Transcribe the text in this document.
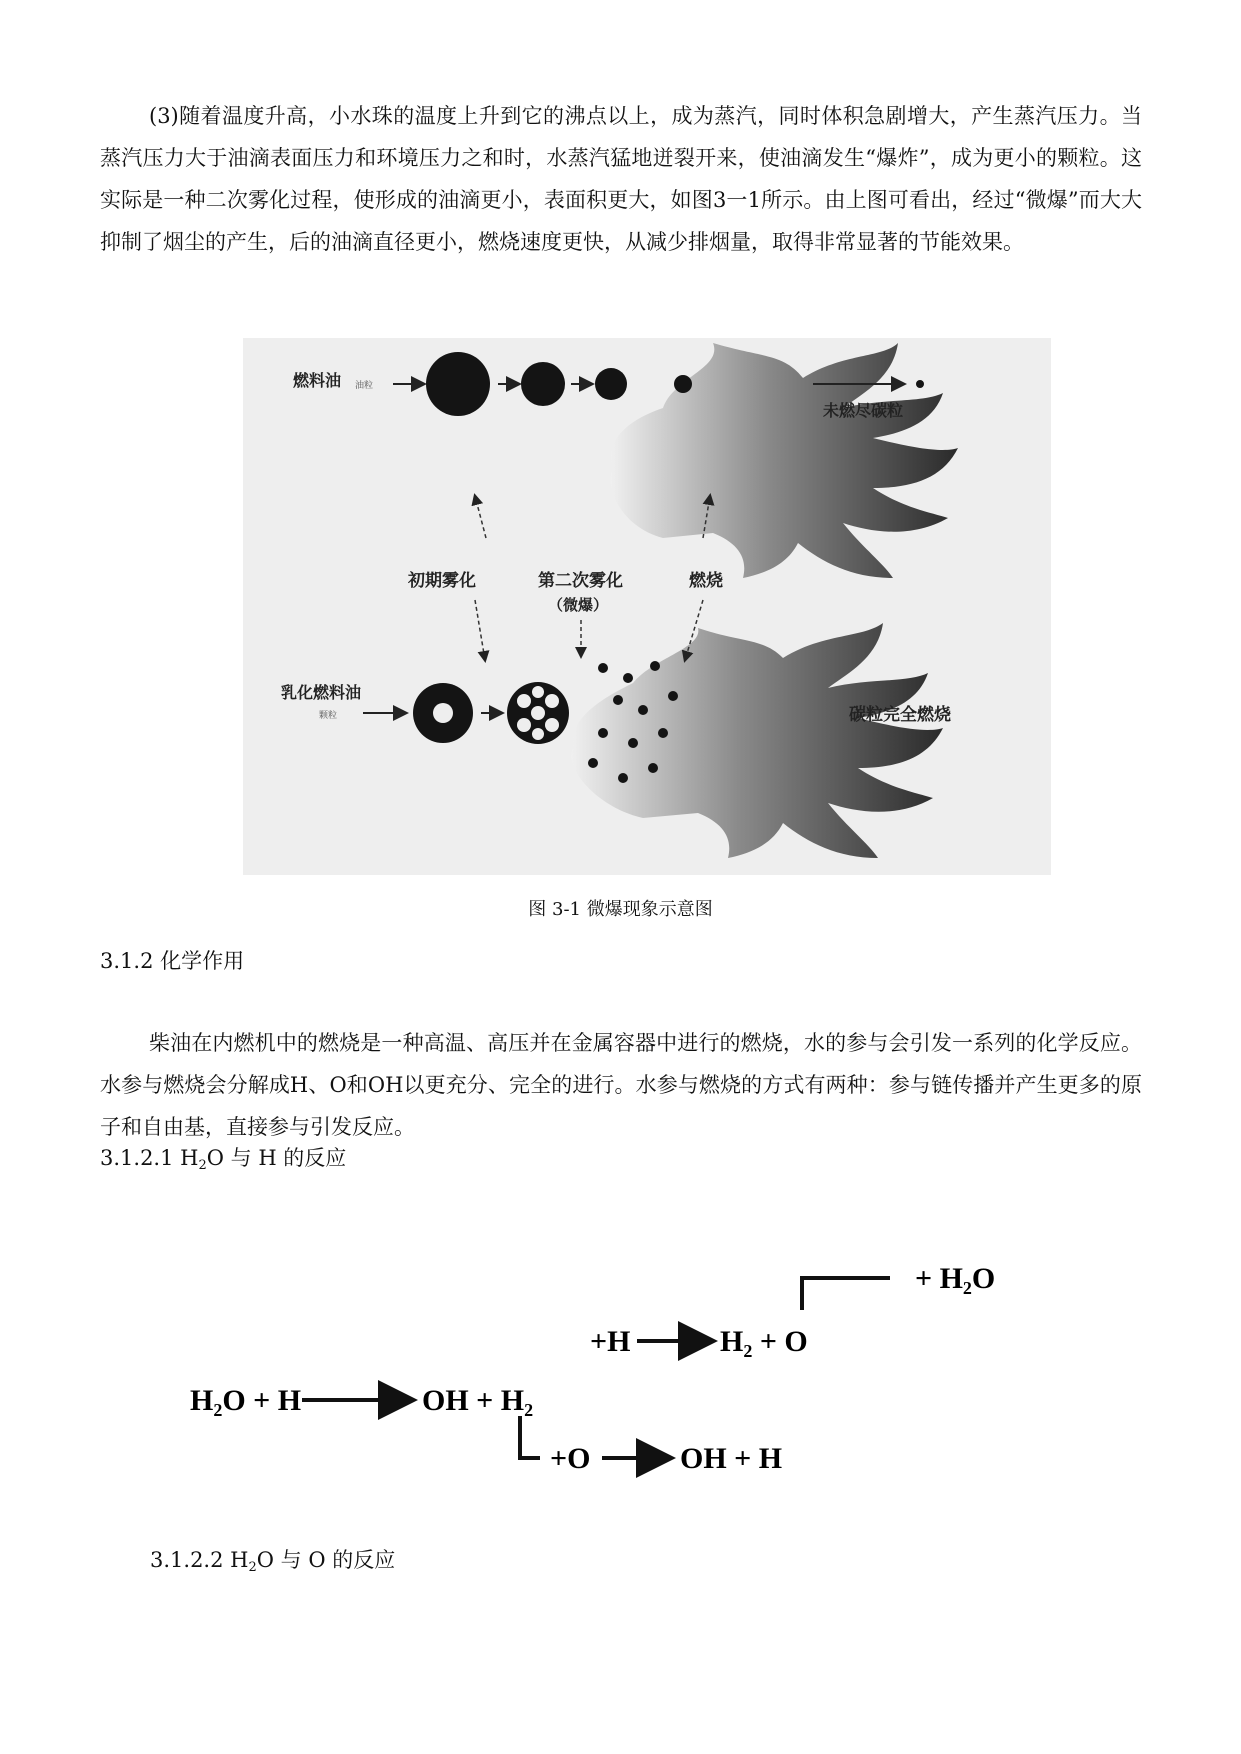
(3)随着温度升高，小水珠的温度上升到它的沸点以上，成为蒸汽，同时体积急剧增大，产生蒸汽压力。当蒸汽压力大于油滴表面压力和环境压力之和时，水蒸汽猛地迸裂开来，使油滴发生“爆炸”，成为更小的颗粒。这实际是一种二次雾化过程，使形成的油滴更小，表面积更大，如图3一1所示。由上图可看出，经过“微爆”而大大抑制了烟尘的产生，后的油滴直径更小，燃烧速度更快，从减少排烟量，取得非常显著的节能效果。

燃料油 油粒
未燃尽碳粒
初期雾化	第二次雾化
（微爆）
燃烧
乳化燃料油
颗粒	碳粒完全燃烧
图 3-1 微爆现象示意图
3.1.2 化学作用

柴油在内燃机中的燃烧是一种高温、高压并在金属容器中进行的燃烧，水的参与会引发一系列的化学反应。水参与燃烧会分解成H、O和OH以更充分、完全的进行。水参与燃烧的方式有两种：参与链传播并产生更多的原子和自由基，直接参与引发反应。

3.1.2.1 $H_2O$ 与 H 的反应
+ H₂O
+H	H₂ + O
H₂O + H	OH + H₂
+O	OH + H
3.1.2.2 $H_2O$ 与 O 的反应
